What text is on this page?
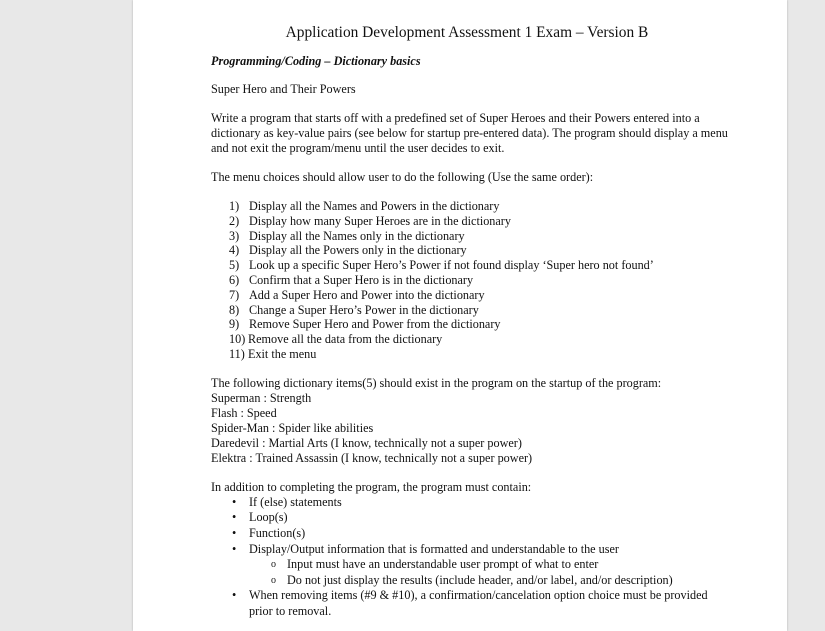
Application Development Assessment 1 Exam – Version B

Programming/Coding – Dictionary basics

Super Hero and Their Powers

Write a program that starts off with a predefined set of Super Heroes and their Powers entered into a dictionary as key-value pairs (see below for startup pre-entered data). The program should display a menu and not exit the program/menu until the user decides to exit.

The menu choices should allow user to do the following (Use the same order):

1) Display all the Names and Powers in the dictionary
2) Display how many Super Heroes are in the dictionary
3) Display all the Names only in the dictionary
4) Display all the Powers only in the dictionary
5) Look up a specific Super Hero’s Power if not found display ‘Super hero not found’
6) Confirm that a Super Hero is in the dictionary
7) Add a Super Hero and Power into the dictionary
8) Change a Super Hero’s Power in the dictionary
9) Remove Super Hero and Power from the dictionary
10) Remove all the data from the dictionary
11) Exit the menu

The following dictionary items(5) should exist in the program on the startup of the program:

Superman : Strength

Flash : Speed

Spider-Man : Spider like abilities

Daredevil : Martial Arts (I know, technically not a super power)

Elektra : Trained Assassin (I know, technically not a super power)

In addition to completing the program, the program must contain:

• If (else) statements
• Loop(s)
• Function(s)
• Display/Output information that is formatted and understandable to the user
o Input must have an understandable user prompt of what to enter
o Do not just display the results (include header, and/or label, and/or description)
• When removing items (#9 & #10), a confirmation/cancelation option choice must be provided prior to removal.
